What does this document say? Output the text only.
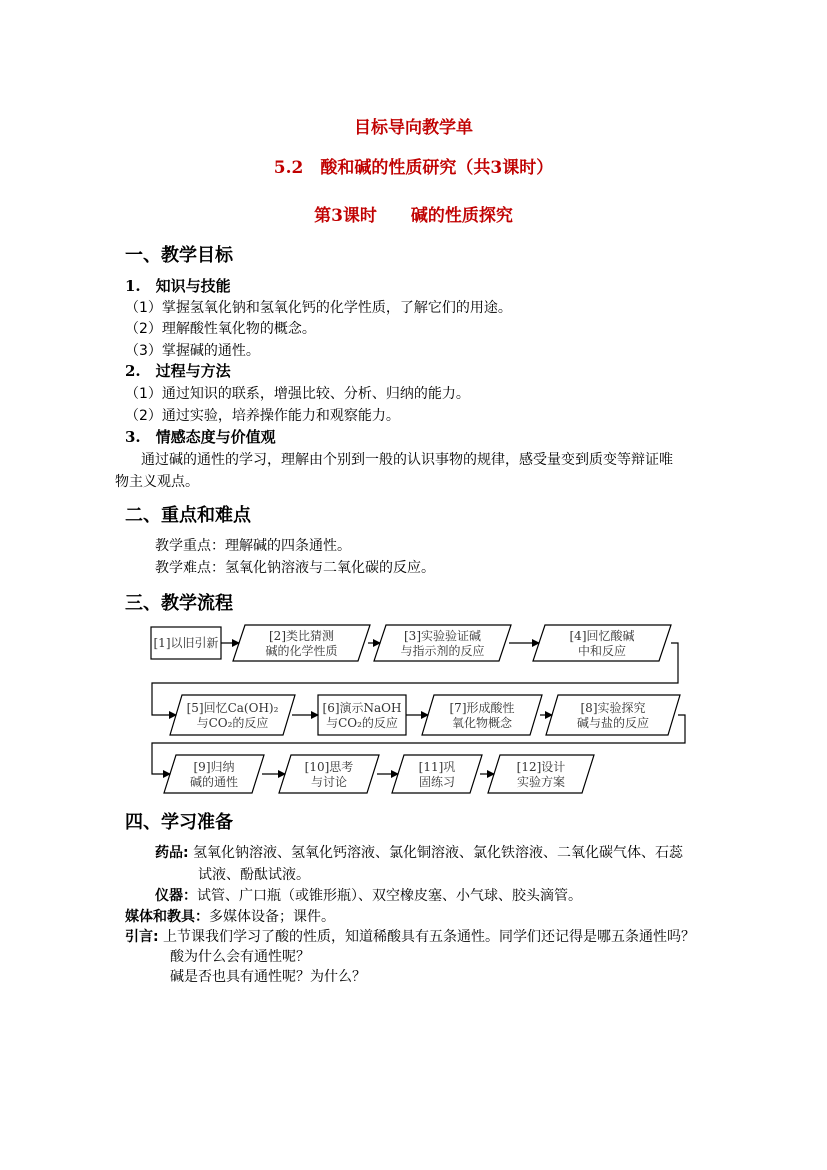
目标导向教学单
5.2　酸和碱的性质研究（共3课时）
第3课时　　碱的性质探究
一、教学目标
1.　知识与技能
（1）掌握氢氧化钠和氢氧化钙的化学性质，了解它们的用途。
（2）理解酸性氧化物的概念。
（3）掌握碱的通性。
2.　过程与方法
（1）通过知识的联系，增强比较、分析、归纳的能力。
（2）通过实验，培养操作能力和观察能力。
3.　情感态度与价值观
通过碱的通性的学习，理解由个别到一般的认识事物的规律，感受量变到质变等辩证唯
物主义观点。
二、重点和难点
教学重点：理解碱的四条通性。
教学难点：氢氧化钠溶液与二氧化碳的反应。
三、教学流程
[1]以旧引新	[2]类比猜测
碱的化学性质
[3]实验验证碱
与指示剂的反应
[4]回忆酸碱
中和反应
[5]回忆Ca(OH)₂
与CO₂的反应
[6]演示NaOH
与CO₂的反应
[7]形成酸性
氧化物概念
[8]实验探究
碱与盐的反应
[9]归纳
碱的通性
[10]思考
与讨论
[11]巩
固练习
[12]设计
实验方案
四、学习准备
药品: 氢氧化钠溶液、氢氧化钙溶液、氯化铜溶液、氯化铁溶液、二氧化碳气体、石蕊
试液、酚酞试液。
仪器：试管、广口瓶（或锥形瓶）、双空橡皮塞、小气球、胶头滴管。
媒体和教具：多媒体设备；课件。
引言: 上节课我们学习了酸的性质，知道稀酸具有五条通性。同学们还记得是哪五条通性吗？
酸为什么会有通性呢？
碱是否也具有通性呢？为什么？
